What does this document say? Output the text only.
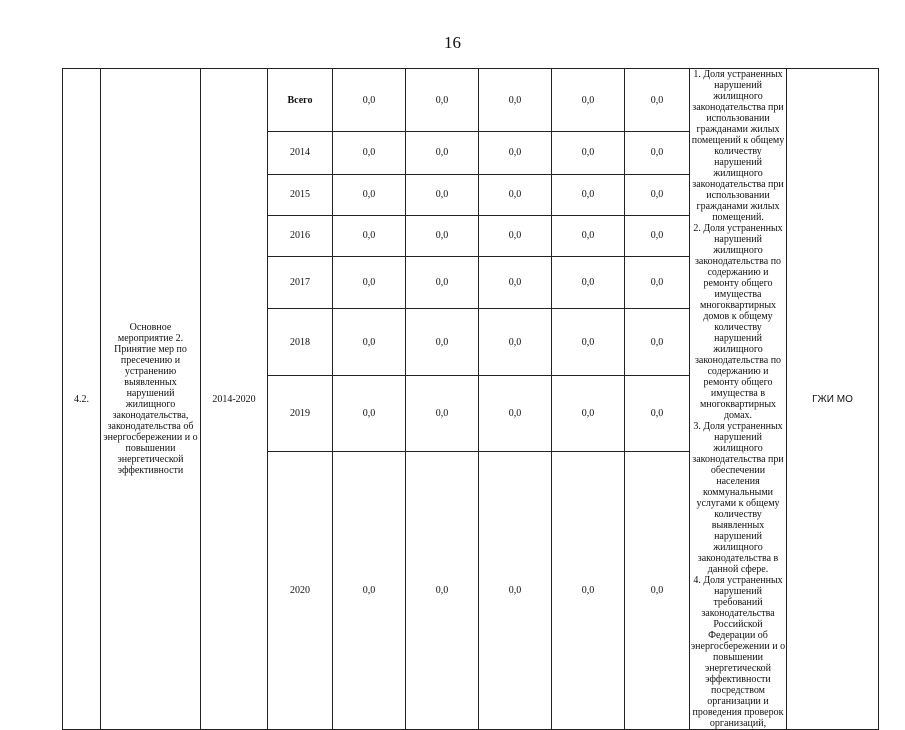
16
4.2.	Основное мероприятие 2. Принятие мер по пресечению и устранению выявленных нарушений жилищного законодательства, законодательства об энергосбережении и о повышении энергетической эффективности	2014-2020	Всего	0,0	0,0	0,0	0,0	0,0	1. Доля устраненных нарушений жилищного законодательства при использовании гражданами жилых помещений к общему количеству нарушений жилищного законодательства при использовании гражданами жилых помещений.
2. Доля устраненных нарушений жилищного законодательства по содержанию и ремонту общего имущества многоквартирных домов к общему количеству нарушений жилищного законодательства по содержанию и ремонту общего имущества в многоквартирных домах.
3. Доля устраненных нарушений жилищного законодательства при обеспечении населения коммунальными услугами к общему количеству выявленных нарушений жилищного законодательства в данной сфере.
4. Доля устраненных нарушений требований законодательства Российской Федерации об энергосбережении и о повышении энергетической эффективности посредством организации и проведения проверок организаций,	ГЖИ МО
			2014	0,0	0,0	0,0	0,0	0,0		
			2015	0,0	0,0	0,0	0,0	0,0		
			2016	0,0	0,0	0,0	0,0	0,0		
			2017	0,0	0,0	0,0	0,0	0,0		
			2018	0,0	0,0	0,0	0,0	0,0		
			2019	0,0	0,0	0,0	0,0	0,0		
			2020	0,0	0,0	0,0	0,0	0,0		
